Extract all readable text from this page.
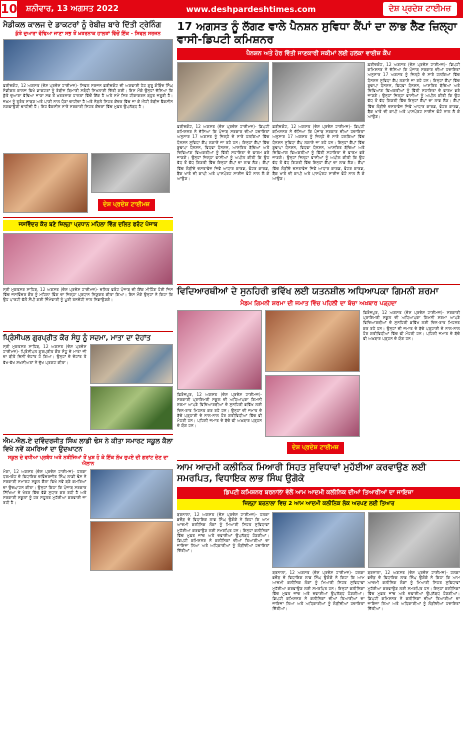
10 ਸ਼ਨੀਵਾਰ, 13 ਅਗਸਤ 2022	www.deshpardeshtimes.com	ਦੇਸ਼ ਪ੍ਰਦੇਸ਼ ਟਾਈਮਜ਼
ਮੈਡੀਕਲ ਕਾਲਜ ਦੇ ਡਾਕਟਰਾਂ ਨੂੰ ਰੇਬੀਜ਼ ਬਾਰੇ ਦਿੱਤੀ ਟ੍ਰੇਨਿੰਗ
ਕੁੱਤੇ ਦੁਆਰਾ ਵੱਢਿਆ ਜਾਣਾ ਸਭ ਤੋਂ ਖ਼ਤਰਨਾਕ ਹਾਲਤਾਂ ਵਿੱਚੋਂ ਇੱਕ - ਸਿਵਲ ਸਰਜਨ
ਫ਼ਰੀਦਕੋਟ, 12 ਅਗਸਤ (ਦੇਸ਼ ਪ੍ਰਦੇਸ਼ ਟਾਈਮਜ਼)- ਸਿਵਲ ਸਰਜਨ ਫ਼ਰੀਦਕੋਟ ਦੀ ਅਗਵਾਈ ਹੇਠ ਗੁਰੂ ਗੋਬਿੰਦ ਸਿੰਘ ਮੈਡੀਕਲ ਕਾਲਜ ਵਿਖੇ ਡਾਕਟਰਾਂ ਨੂੰ ਰੇਬੀਜ਼ ਬਿਮਾਰੀ ਸਬੰਧੀ ਸਿਖਲਾਈ ਦਿੱਤੀ ਗਈ। ਇਸ ਮੌਕੇ ਉਨ੍ਹਾਂ ਦੱਸਿਆ ਕਿ ਕੁੱਤੇ ਦੁਆਰਾ ਵੱਢਿਆ ਜਾਣਾ ਸਭ ਤੋਂ ਖ਼ਤਰਨਾਕ ਹਾਲਤਾਂ ਵਿੱਚੋਂ ਇੱਕ ਹੈ ਅਤੇ ਸਮੇਂ ਸਿਰ ਟੀਕਾਕਰਨ ਬਹੁਤ ਜ਼ਰੂਰੀ ਹੈ। ਜ਼ਖ਼ਮ ਨੂੰ ਤੁਰੰਤ ਸਾਬਣ ਅਤੇ ਪਾਣੀ ਨਾਲ ਧੋਣਾ ਚਾਹੀਦਾ ਹੈ ਅਤੇ ਨੇੜਲੇ ਸਿਹਤ ਕੇਂਦਰ ਵਿੱਚ ਜਾ ਕੇ ਐਂਟੀ ਰੇਬੀਜ਼ ਵੈਕਸੀਨ ਲਗਵਾਉਣੀ ਚਾਹੀਦੀ ਹੈ। ਇਹ ਵੈਕਸੀਨ ਸਾਰੇ ਸਰਕਾਰੀ ਸਿਹਤ ਕੇਂਦਰਾਂ ਵਿੱਚ ਮੁਫ਼ਤ ਉਪਲੱਬਧ ਹੈ।
ਦੇਸ਼ ਪ੍ਰਦੇਸ਼ ਟਾਈਮਜ਼
ਜਸਵਿੰਦਰ ਕੌਰ ਬਣੇ ਜ਼ਿਲ੍ਹਾ ਪ੍ਰਧਾਨ ਮਹਿਲਾ ਵਿੰਗ ਦਲਿਤ ਫਰੰਟ ਪੰਜਾਬ
ਸ੍ਰੀ ਮੁਕਤਸਰ ਸਾਹਿਬ, 12 ਅਗਸਤ (ਦੇਸ਼ ਪ੍ਰਦੇਸ਼ ਟਾਈਮਜ਼)- ਦਲਿਤ ਫਰੰਟ ਪੰਜਾਬ ਦੀ ਇੱਕ ਮੀਟਿੰਗ ਹੋਈ ਜਿਸ ਵਿੱਚ ਜਸਵਿੰਦਰ ਕੌਰ ਨੂੰ ਮਹਿਲਾ ਵਿੰਗ ਦਾ ਜ਼ਿਲ੍ਹਾ ਪ੍ਰਧਾਨ ਨਿਯੁਕਤ ਕੀਤਾ ਗਿਆ। ਇਸ ਮੌਕੇ ਉਨ੍ਹਾਂ ਨੇ ਕਿਹਾ ਕਿ ਉਹ ਪਾਰਟੀ ਵੱਲੋਂ ਸੌਂਪੀ ਗਈ ਜ਼ਿੰਮੇਵਾਰੀ ਨੂੰ ਪੂਰੀ ਤਨਦੇਹੀ ਨਾਲ ਨਿਭਾਉਣਗੇ।
ਪ੍ਰਿੰਸੀਪਲ ਗੁਰਪ੍ਰੀਤ ਕੌਰ ਸੰਧੂ ਨੂੰ ਸਦਮਾ, ਮਾਤਾ ਦਾ ਦੇਹਾਂਤ
ਸ੍ਰੀ ਮੁਕਤਸਰ ਸਾਹਿਬ, 12 ਅਗਸਤ (ਦੇਸ਼ ਪ੍ਰਦੇਸ਼ ਟਾਈਮਜ਼)- ਪ੍ਰਿੰਸੀਪਲ ਗੁਰਪ੍ਰੀਤ ਕੌਰ ਸੰਧੂ ਦੇ ਮਾਤਾ ਜੀ ਦਾ ਬੀਤੇ ਦਿਨੀਂ ਦੇਹਾਂਤ ਹੋ ਗਿਆ। ਉਨ੍ਹਾਂ ਦੇ ਦੇਹਾਂਤ ਤੇ ਵੱਖ-ਵੱਖ ਸ਼ਖ਼ਸੀਅਤਾਂ ਨੇ ਦੁੱਖ ਪ੍ਰਗਟ ਕੀਤਾ।
ਐਮ.ਐਲ.ਏ ਦਵਿੰਦਰਜੀਤ ਸਿੰਘ ਲਾਡੀ ਢੋਸ ਨੇ ਕੀਤਾ ਸਮਾਰਟ ਸਕੂਲ ਕੈਲਾ ਵਿਖੇ ਨਵੇਂ ਕਮਰਿਆਂ ਦਾ ਉਦਘਾਟਨ
ਸਕੂਲ ਦੇ ਵਧੀਆ ਪ੍ਰਬੰਧ ਅਤੇ ਨਤੀਜਿਆਂ ਤੋਂ ਖੁਸ਼ ਹੋ ਕੇ ਇੱਕ ਲੱਖ ਰੁਪਏ ਦੀ ਗਰਾਂਟ ਦੇਣ ਦਾ ਐਲਾਨ
ਮੋਗਾ, 12 ਅਗਸਤ (ਦੇਸ਼ ਪ੍ਰਦੇਸ਼ ਟਾਈਮਜ਼)- ਹਲਕਾ ਧਰਮਕੋਟ ਦੇ ਵਿਧਾਇਕ ਦਵਿੰਦਰਜੀਤ ਸਿੰਘ ਲਾਡੀ ਢੋਸ ਨੇ ਸਰਕਾਰੀ ਸਮਾਰਟ ਸਕੂਲ ਕੈਲਾ ਵਿਖੇ ਨਵੇਂ ਬਣੇ ਕਮਰਿਆਂ ਦਾ ਉਦਘਾਟਨ ਕੀਤਾ। ਉਨ੍ਹਾਂ ਕਿਹਾ ਕਿ ਪੰਜਾਬ ਸਰਕਾਰ ਸਿੱਖਿਆ ਦੇ ਖੇਤਰ ਵਿੱਚ ਵੱਡੇ ਸੁਧਾਰ ਕਰ ਰਹੀ ਹੈ ਅਤੇ ਸਰਕਾਰੀ ਸਕੂਲਾਂ ਨੂੰ ਹਰ ਸਹੂਲਤ ਮੁਹੱਈਆ ਕਰਵਾਈ ਜਾ ਰਹੀ ਹੈ।
17 ਅਗਸਤ ਨੂੰ ਲੱਗਣ ਵਾਲੇ ਪੈਨਸ਼ਨ ਸੁਵਿਧਾ ਕੈਂਪਾਂ ਦਾ ਲਾਭ ਲੈਣ ਜ਼ਿਲ੍ਹਾ ਵਾਸੀ-ਡਿਪਟੀ ਕਮਿਸ਼ਨਰ
ਪੈਨਸ਼ਨ ਅਤੇ ਹੋਰ ਵਿੱਤੀ ਜਾਣਕਾਰੀ ਸਕੀਮਾਂ ਲਈ ਹਲਕਾ ਵਾਈਜ਼ ਕੈਂਪ
ਫ਼ਰੀਦਕੋਟ, 12 ਅਗਸਤ (ਦੇਸ਼ ਪ੍ਰਦੇਸ਼ ਟਾਈਮਜ਼)- ਡਿਪਟੀ ਕਮਿਸ਼ਨਰ ਨੇ ਦੱਸਿਆ ਕਿ ਪੰਜਾਬ ਸਰਕਾਰ ਦੀਆਂ ਹਦਾਇਤਾਂ ਅਨੁਸਾਰ 17 ਅਗਸਤ ਨੂੰ ਜ਼ਿਲ੍ਹੇ ਦੇ ਸਾਰੇ ਹਲਕਿਆਂ ਵਿੱਚ ਪੈਨਸ਼ਨ ਸੁਵਿਧਾ ਕੈਂਪ ਲਗਾਏ ਜਾ ਰਹੇ ਹਨ। ਇਨ੍ਹਾਂ ਕੈਂਪਾਂ ਵਿੱਚ ਬੁਢਾਪਾ ਪੈਨਸ਼ਨ, ਵਿਧਵਾ ਪੈਨਸ਼ਨ, ਆਸ਼ਰਿਤ ਬੱਚਿਆਂ ਅਤੇ ਦਿਵਿਆਂਗ ਵਿਅਕਤੀਆਂ ਨੂੰ ਵਿੱਤੀ ਸਹਾਇਤਾ ਦੇ ਫਾਰਮ ਭਰੇ ਜਾਣਗੇ। ਉਨ੍ਹਾਂ ਜ਼ਿਲ੍ਹਾ ਵਾਸੀਆਂ ਨੂੰ ਅਪੀਲ ਕੀਤੀ ਕਿ ਉਹ ਵੱਧ ਤੋਂ ਵੱਧ ਗਿਣਤੀ ਵਿੱਚ ਇਨ੍ਹਾਂ ਕੈਂਪਾਂ ਦਾ ਲਾਭ ਲੈਣ। ਕੈਂਪਾਂ ਵਿੱਚ ਲੋੜੀਂਦੇ ਦਸਤਾਵੇਜ਼ ਜਿਵੇਂ ਆਧਾਰ ਕਾਰਡ, ਵੋਟਰ ਕਾਰਡ, ਬੈਂਕ ਖਾਤੇ ਦੀ ਕਾਪੀ ਅਤੇ ਪਾਸਪੋਰਟ ਸਾਈਜ਼ ਫੋਟੋ ਨਾਲ ਲੈ ਕੇ ਆਉਣ।
ਫ਼ਰੀਦਕੋਟ, 12 ਅਗਸਤ (ਦੇਸ਼ ਪ੍ਰਦੇਸ਼ ਟਾਈਮਜ਼)- ਡਿਪਟੀ ਕਮਿਸ਼ਨਰ ਨੇ ਦੱਸਿਆ ਕਿ ਪੰਜਾਬ ਸਰਕਾਰ ਦੀਆਂ ਹਦਾਇਤਾਂ ਅਨੁਸਾਰ 17 ਅਗਸਤ ਨੂੰ ਜ਼ਿਲ੍ਹੇ ਦੇ ਸਾਰੇ ਹਲਕਿਆਂ ਵਿੱਚ ਪੈਨਸ਼ਨ ਸੁਵਿਧਾ ਕੈਂਪ ਲਗਾਏ ਜਾ ਰਹੇ ਹਨ। ਇਨ੍ਹਾਂ ਕੈਂਪਾਂ ਵਿੱਚ ਬੁਢਾਪਾ ਪੈਨਸ਼ਨ, ਵਿਧਵਾ ਪੈਨਸ਼ਨ, ਆਸ਼ਰਿਤ ਬੱਚਿਆਂ ਅਤੇ ਦਿਵਿਆਂਗ ਵਿਅਕਤੀਆਂ ਨੂੰ ਵਿੱਤੀ ਸਹਾਇਤਾ ਦੇ ਫਾਰਮ ਭਰੇ ਜਾਣਗੇ। ਉਨ੍ਹਾਂ ਜ਼ਿਲ੍ਹਾ ਵਾਸੀਆਂ ਨੂੰ ਅਪੀਲ ਕੀਤੀ ਕਿ ਉਹ ਵੱਧ ਤੋਂ ਵੱਧ ਗਿਣਤੀ ਵਿੱਚ ਇਨ੍ਹਾਂ ਕੈਂਪਾਂ ਦਾ ਲਾਭ ਲੈਣ। ਕੈਂਪਾਂ ਵਿੱਚ ਲੋੜੀਂਦੇ ਦਸਤਾਵੇਜ਼ ਜਿਵੇਂ ਆਧਾਰ ਕਾਰਡ, ਵੋਟਰ ਕਾਰਡ, ਬੈਂਕ ਖਾਤੇ ਦੀ ਕਾਪੀ ਅਤੇ ਪਾਸਪੋਰਟ ਸਾਈਜ਼ ਫੋਟੋ ਨਾਲ ਲੈ ਕੇ ਆਉਣ।
ਫ਼ਰੀਦਕੋਟ, 12 ਅਗਸਤ (ਦੇਸ਼ ਪ੍ਰਦੇਸ਼ ਟਾਈਮਜ਼)- ਡਿਪਟੀ ਕਮਿਸ਼ਨਰ ਨੇ ਦੱਸਿਆ ਕਿ ਪੰਜਾਬ ਸਰਕਾਰ ਦੀਆਂ ਹਦਾਇਤਾਂ ਅਨੁਸਾਰ 17 ਅਗਸਤ ਨੂੰ ਜ਼ਿਲ੍ਹੇ ਦੇ ਸਾਰੇ ਹਲਕਿਆਂ ਵਿੱਚ ਪੈਨਸ਼ਨ ਸੁਵਿਧਾ ਕੈਂਪ ਲਗਾਏ ਜਾ ਰਹੇ ਹਨ। ਇਨ੍ਹਾਂ ਕੈਂਪਾਂ ਵਿੱਚ ਬੁਢਾਪਾ ਪੈਨਸ਼ਨ, ਵਿਧਵਾ ਪੈਨਸ਼ਨ, ਆਸ਼ਰਿਤ ਬੱਚਿਆਂ ਅਤੇ ਦਿਵਿਆਂਗ ਵਿਅਕਤੀਆਂ ਨੂੰ ਵਿੱਤੀ ਸਹਾਇਤਾ ਦੇ ਫਾਰਮ ਭਰੇ ਜਾਣਗੇ। ਉਨ੍ਹਾਂ ਜ਼ਿਲ੍ਹਾ ਵਾਸੀਆਂ ਨੂੰ ਅਪੀਲ ਕੀਤੀ ਕਿ ਉਹ ਵੱਧ ਤੋਂ ਵੱਧ ਗਿਣਤੀ ਵਿੱਚ ਇਨ੍ਹਾਂ ਕੈਂਪਾਂ ਦਾ ਲਾਭ ਲੈਣ। ਕੈਂਪਾਂ ਵਿੱਚ ਲੋੜੀਂਦੇ ਦਸਤਾਵੇਜ਼ ਜਿਵੇਂ ਆਧਾਰ ਕਾਰਡ, ਵੋਟਰ ਕਾਰਡ, ਬੈਂਕ ਖਾਤੇ ਦੀ ਕਾਪੀ ਅਤੇ ਪਾਸਪੋਰਟ ਸਾਈਜ਼ ਫੋਟੋ ਨਾਲ ਲੈ ਕੇ ਆਉਣ।
ਵਿਦਿਆਰਥੀਆਂ ਦੇ ਸੁਨਹਿਰੀ ਭਵਿੱਖ ਲਈ ਯਤਨਸ਼ੀਲ ਅਧਿਆਪਕਾ ਗਿਮਨੀ ਸ਼ਰਮਾ
ਮੈਡਮ ਗਿਮਨੀ ਸ਼ਰਮਾ ਦੀ ਜਮਾਤ ਵਿੱਚ ਪਹਿਲੀ ਦਾ ਬੱਚਾ ਅਖ਼ਬਾਰ ਪੜ੍ਹਦਾ
ਫ਼ਿਰੋਜ਼ਪੁਰ, 12 ਅਗਸਤ (ਦੇਸ਼ ਪ੍ਰਦੇਸ਼ ਟਾਈਮਜ਼)- ਸਰਕਾਰੀ ਪ੍ਰਾਇਮਰੀ ਸਕੂਲ ਦੀ ਅਧਿਆਪਕਾ ਗਿਮਨੀ ਸ਼ਰਮਾ ਆਪਣੇ ਵਿਦਿਆਰਥੀਆਂ ਦੇ ਸੁਨਹਿਰੀ ਭਵਿੱਖ ਲਈ ਦਿਨ-ਰਾਤ ਮਿਹਨਤ ਕਰ ਰਹੇ ਹਨ। ਉਨ੍ਹਾਂ ਦੀ ਜਮਾਤ ਦੇ ਬੱਚੇ ਪੜ੍ਹਾਈ ਦੇ ਨਾਲ-ਨਾਲ ਹੋਰ ਗਤੀਵਿਧੀਆਂ ਵਿੱਚ ਵੀ ਮੋਹਰੀ ਹਨ। ਪਹਿਲੀ ਜਮਾਤ ਦੇ ਬੱਚੇ ਵੀ ਅਖ਼ਬਾਰ ਪੜ੍ਹਨ ਦੇ ਯੋਗ ਹਨ।
ਫ਼ਿਰੋਜ਼ਪੁਰ, 12 ਅਗਸਤ (ਦੇਸ਼ ਪ੍ਰਦੇਸ਼ ਟਾਈਮਜ਼)- ਸਰਕਾਰੀ ਪ੍ਰਾਇਮਰੀ ਸਕੂਲ ਦੀ ਅਧਿਆਪਕਾ ਗਿਮਨੀ ਸ਼ਰਮਾ ਆਪਣੇ ਵਿਦਿਆਰਥੀਆਂ ਦੇ ਸੁਨਹਿਰੀ ਭਵਿੱਖ ਲਈ ਦਿਨ-ਰਾਤ ਮਿਹਨਤ ਕਰ ਰਹੇ ਹਨ। ਉਨ੍ਹਾਂ ਦੀ ਜਮਾਤ ਦੇ ਬੱਚੇ ਪੜ੍ਹਾਈ ਦੇ ਨਾਲ-ਨਾਲ ਹੋਰ ਗਤੀਵਿਧੀਆਂ ਵਿੱਚ ਵੀ ਮੋਹਰੀ ਹਨ। ਪਹਿਲੀ ਜਮਾਤ ਦੇ ਬੱਚੇ ਵੀ ਅਖ਼ਬਾਰ ਪੜ੍ਹਨ ਦੇ ਯੋਗ ਹਨ।
ਦੇਸ਼ ਪ੍ਰਦੇਸ਼ ਟਾਈਮਜ਼
ਆਮ ਆਦਮੀ ਕਲੀਨਿਕ ਮਿਆਰੀ ਸਿਹਤ ਸੁਵਿਧਾਵਾਂ ਮੁਹੱਈਆ ਕਰਵਾਉਣ ਲਈ ਸਮਰਪਿਤ, ਵਿਧਾਇਕ ਲਾਭ ਸਿੰਘ ਉਗੋਕੇ
ਡਿਪਟੀ ਕਮਿਸ਼ਨਰ ਬਰਨਾਲਾ ਵੱਲੋਂ ਆਮ ਆਦਮੀ ਕਲੀਨਿਕ ਦੀਆਂ ਤਿਆਰੀਆਂ ਦਾ ਜਾਇਜ਼ਾ
ਜ਼ਿਲ੍ਹਾ ਬਰਨਾਲਾ ਵਿਚ 2 ਆਮ ਆਦਮੀ ਕਲੀਨਿਕ ਲੋਕ ਅਰਪਣ ਲਈ ਤਿਆਰ
ਬਰਨਾਲਾ, 12 ਅਗਸਤ (ਦੇਸ਼ ਪ੍ਰਦੇਸ਼ ਟਾਈਮਜ਼)- ਹਲਕਾ ਭਦੌੜ ਦੇ ਵਿਧਾਇਕ ਲਾਭ ਸਿੰਘ ਉਗੋਕੇ ਨੇ ਕਿਹਾ ਕਿ ਆਮ ਆਦਮੀ ਕਲੀਨਿਕ ਲੋਕਾਂ ਨੂੰ ਮਿਆਰੀ ਸਿਹਤ ਸੁਵਿਧਾਵਾਂ ਮੁਹੱਈਆ ਕਰਵਾਉਣ ਲਈ ਸਮਰਪਿਤ ਹਨ। ਇਨ੍ਹਾਂ ਕਲੀਨਿਕਾਂ ਵਿੱਚ ਮੁਫ਼ਤ ਜਾਂਚ ਅਤੇ ਦਵਾਈਆਂ ਉਪਲੱਬਧ ਹੋਣਗੀਆਂ। ਡਿਪਟੀ ਕਮਿਸ਼ਨਰ ਨੇ ਕਲੀਨਿਕਾਂ ਦੀਆਂ ਤਿਆਰੀਆਂ ਦਾ ਜਾਇਜ਼ਾ ਲਿਆ ਅਤੇ ਅਧਿਕਾਰੀਆਂ ਨੂੰ ਲੋੜੀਂਦੀਆਂ ਹਦਾਇਤਾਂ ਦਿੱਤੀਆਂ।
ਬਰਨਾਲਾ, 12 ਅਗਸਤ (ਦੇਸ਼ ਪ੍ਰਦੇਸ਼ ਟਾਈਮਜ਼)- ਹਲਕਾ ਭਦੌੜ ਦੇ ਵਿਧਾਇਕ ਲਾਭ ਸਿੰਘ ਉਗੋਕੇ ਨੇ ਕਿਹਾ ਕਿ ਆਮ ਆਦਮੀ ਕਲੀਨਿਕ ਲੋਕਾਂ ਨੂੰ ਮਿਆਰੀ ਸਿਹਤ ਸੁਵਿਧਾਵਾਂ ਮੁਹੱਈਆ ਕਰਵਾਉਣ ਲਈ ਸਮਰਪਿਤ ਹਨ। ਇਨ੍ਹਾਂ ਕਲੀਨਿਕਾਂ ਵਿੱਚ ਮੁਫ਼ਤ ਜਾਂਚ ਅਤੇ ਦਵਾਈਆਂ ਉਪਲੱਬਧ ਹੋਣਗੀਆਂ। ਡਿਪਟੀ ਕਮਿਸ਼ਨਰ ਨੇ ਕਲੀਨਿਕਾਂ ਦੀਆਂ ਤਿਆਰੀਆਂ ਦਾ ਜਾਇਜ਼ਾ ਲਿਆ ਅਤੇ ਅਧਿਕਾਰੀਆਂ ਨੂੰ ਲੋੜੀਂਦੀਆਂ ਹਦਾਇਤਾਂ ਦਿੱਤੀਆਂ।
ਬਰਨਾਲਾ, 12 ਅਗਸਤ (ਦੇਸ਼ ਪ੍ਰਦੇਸ਼ ਟਾਈਮਜ਼)- ਹਲਕਾ ਭਦੌੜ ਦੇ ਵਿਧਾਇਕ ਲਾਭ ਸਿੰਘ ਉਗੋਕੇ ਨੇ ਕਿਹਾ ਕਿ ਆਮ ਆਦਮੀ ਕਲੀਨਿਕ ਲੋਕਾਂ ਨੂੰ ਮਿਆਰੀ ਸਿਹਤ ਸੁਵਿਧਾਵਾਂ ਮੁਹੱਈਆ ਕਰਵਾਉਣ ਲਈ ਸਮਰਪਿਤ ਹਨ। ਇਨ੍ਹਾਂ ਕਲੀਨਿਕਾਂ ਵਿੱਚ ਮੁਫ਼ਤ ਜਾਂਚ ਅਤੇ ਦਵਾਈਆਂ ਉਪਲੱਬਧ ਹੋਣਗੀਆਂ। ਡਿਪਟੀ ਕਮਿਸ਼ਨਰ ਨੇ ਕਲੀਨਿਕਾਂ ਦੀਆਂ ਤਿਆਰੀਆਂ ਦਾ ਜਾਇਜ਼ਾ ਲਿਆ ਅਤੇ ਅਧਿਕਾਰੀਆਂ ਨੂੰ ਲੋੜੀਂਦੀਆਂ ਹਦਾਇਤਾਂ ਦਿੱਤੀਆਂ।
